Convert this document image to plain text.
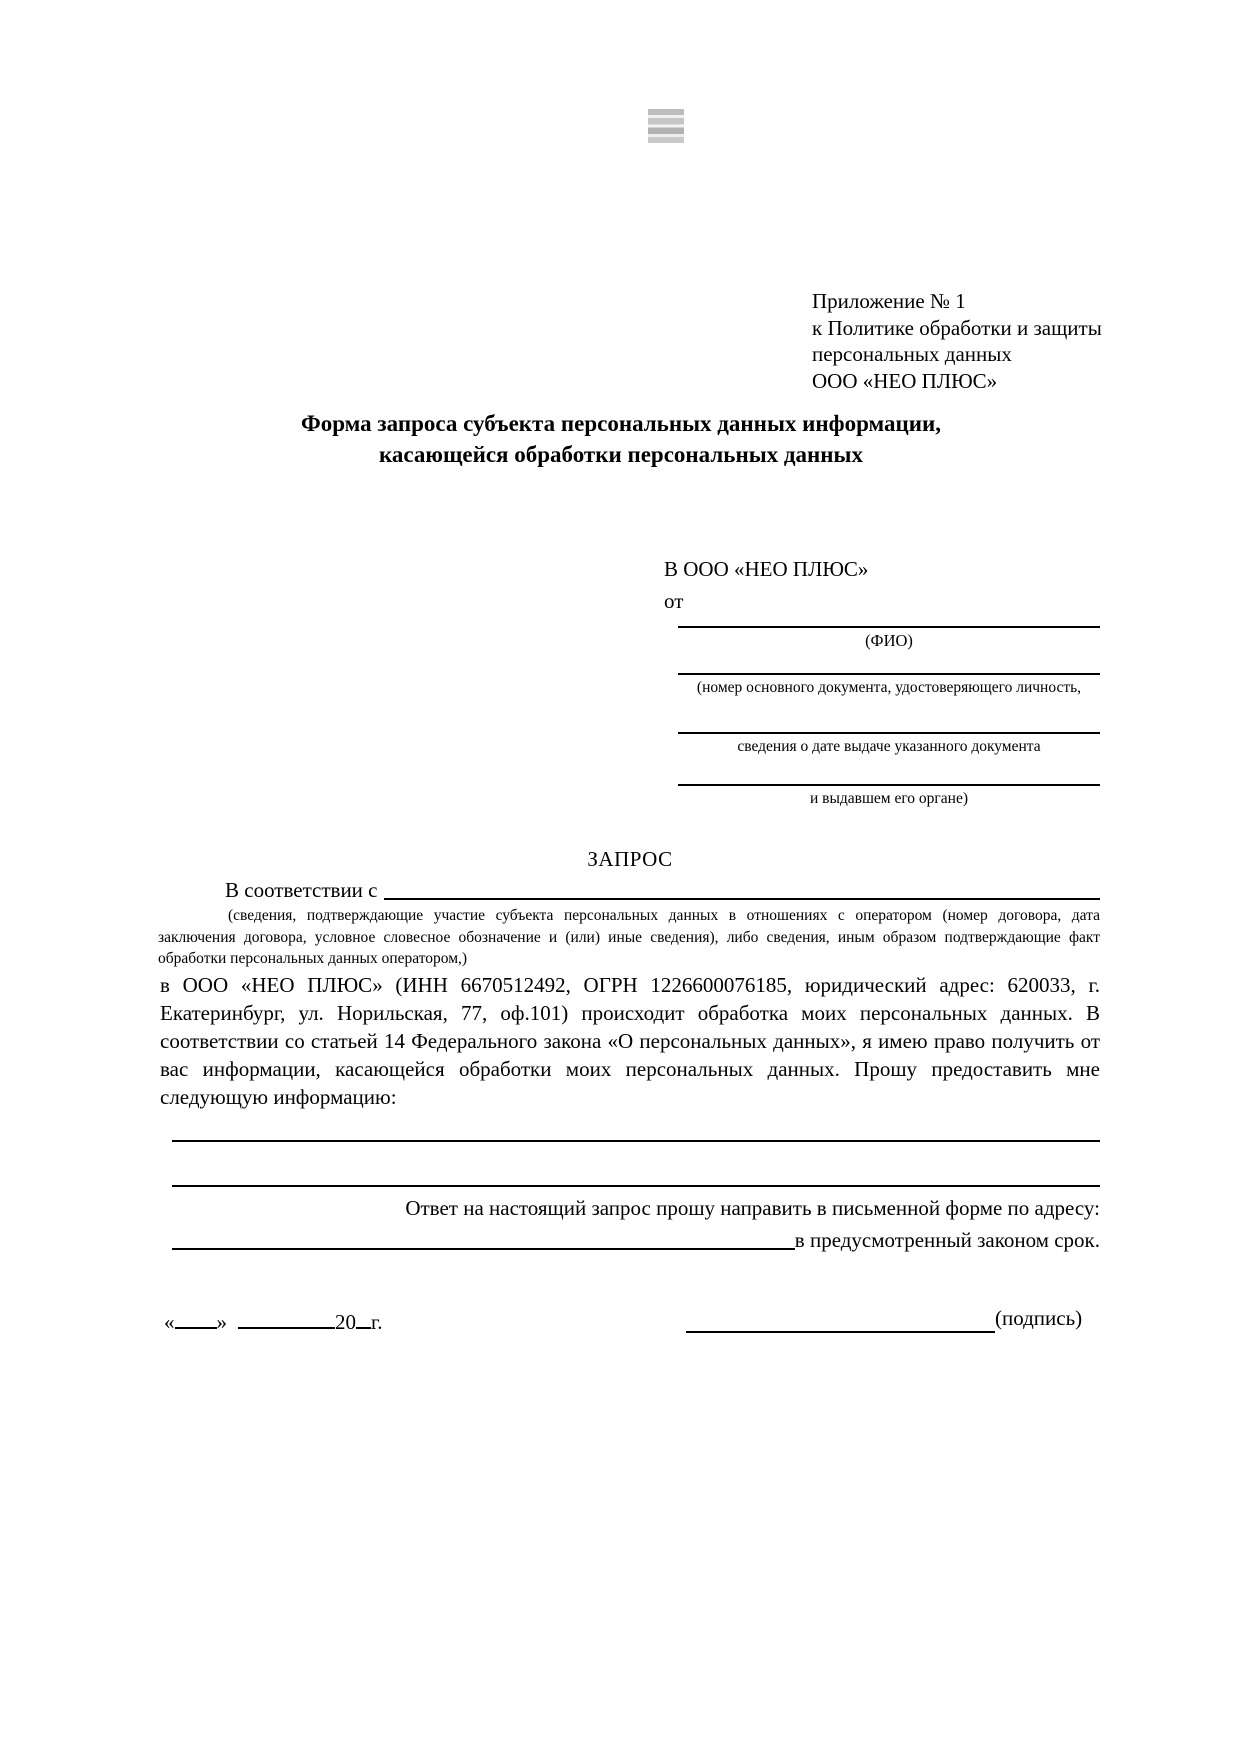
Приложение № 1
к Политике обработки и защиты
персональных данных
ООО «НЕО ПЛЮС»
Форма запроса субъекта персональных данных информации,
касающейся обработки персональных данных
В ООО «НЕО ПЛЮС»
от
(ФИО)
(номер основного документа, удостоверяющего личность,
сведения о дате выдаче указанного документа
и выдавшем его органе)
ЗАПРОС
В соответствии с
(сведения, подтверждающие участие субъекта персональных данных в отношениях с оператором (номер договора, дата заключения договора, условное словесное обозначение и (или) иные сведения), либо сведения, иным образом подтверждающие факт обработки персональных данных оператором,)
в ООО «НЕО ПЛЮС» (ИНН 6670512492, ОГРН 1226600076185, юридический адрес: 620033, г. Екатеринбург, ул. Норильская, 77, оф.101) происходит обработка моих персональных данных. В соответствии со статьей 14 Федерального закона «О персональных данных», я имею право получить от вас информации, касающейся обработки моих персональных данных. Прошу предоставить мне следующую информацию:
Ответ на настоящий запрос прошу направить в письменной форме по адресу:
в предусмотренный законом срок.
« »	20 г.	(подпись)
